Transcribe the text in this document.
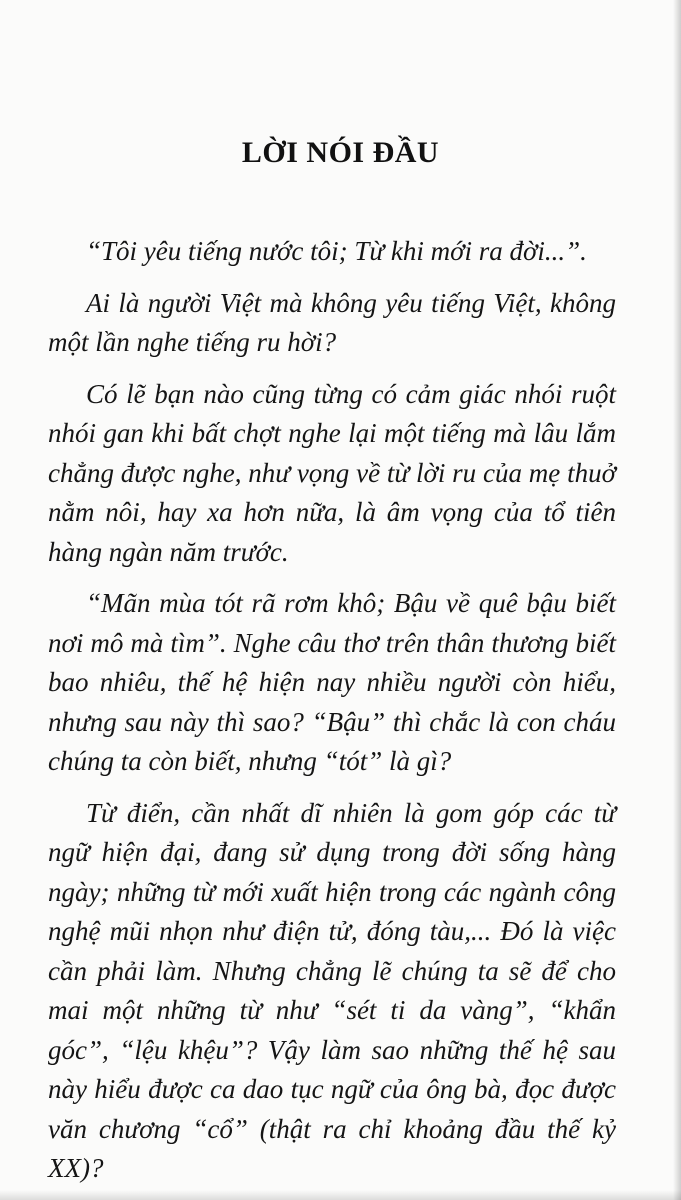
LỜI NÓI ĐẦU

“Tôi yêu tiếng nước tôi; Từ khi mới ra đời...”.

Ai là người Việt mà không yêu tiếng Việt, không một lần nghe tiếng ru hời?

Có lẽ bạn nào cũng từng có cảm giác nhói ruột nhói gan khi bất chợt nghe lại một tiếng mà lâu lắm chẳng được nghe, như vọng về từ lời ru của mẹ thuở nằm nôi, hay xa hơn nữa, là âm vọng của tổ tiên hàng ngàn năm trước.

“Mãn mùa tót rã rơm khô; Bậu về quê bậu biết nơi mô mà tìm”. Nghe câu thơ trên thân thương biết bao nhiêu, thế hệ hiện nay nhiều người còn hiểu, nhưng sau này thì sao? “Bậu” thì chắc là con cháu chúng ta còn biết, nhưng “tót” là gì?

Từ điển, cần nhất dĩ nhiên là gom góp các từ ngữ hiện đại, đang sử dụng trong đời sống hàng ngày; những từ mới xuất hiện trong các ngành công nghệ mũi nhọn như điện tử, đóng tàu,... Đó là việc cần phải làm. Nhưng chẳng lẽ chúng ta sẽ để cho mai một những từ như “sét ti da vàng”, “khẩn góc”, “lệu khệu”? Vậy làm sao những thế hệ sau này hiểu được ca dao tục ngữ của ông bà, đọc được văn chương “cổ” (thật ra chỉ khoảng đầu thế kỷ XX)?
